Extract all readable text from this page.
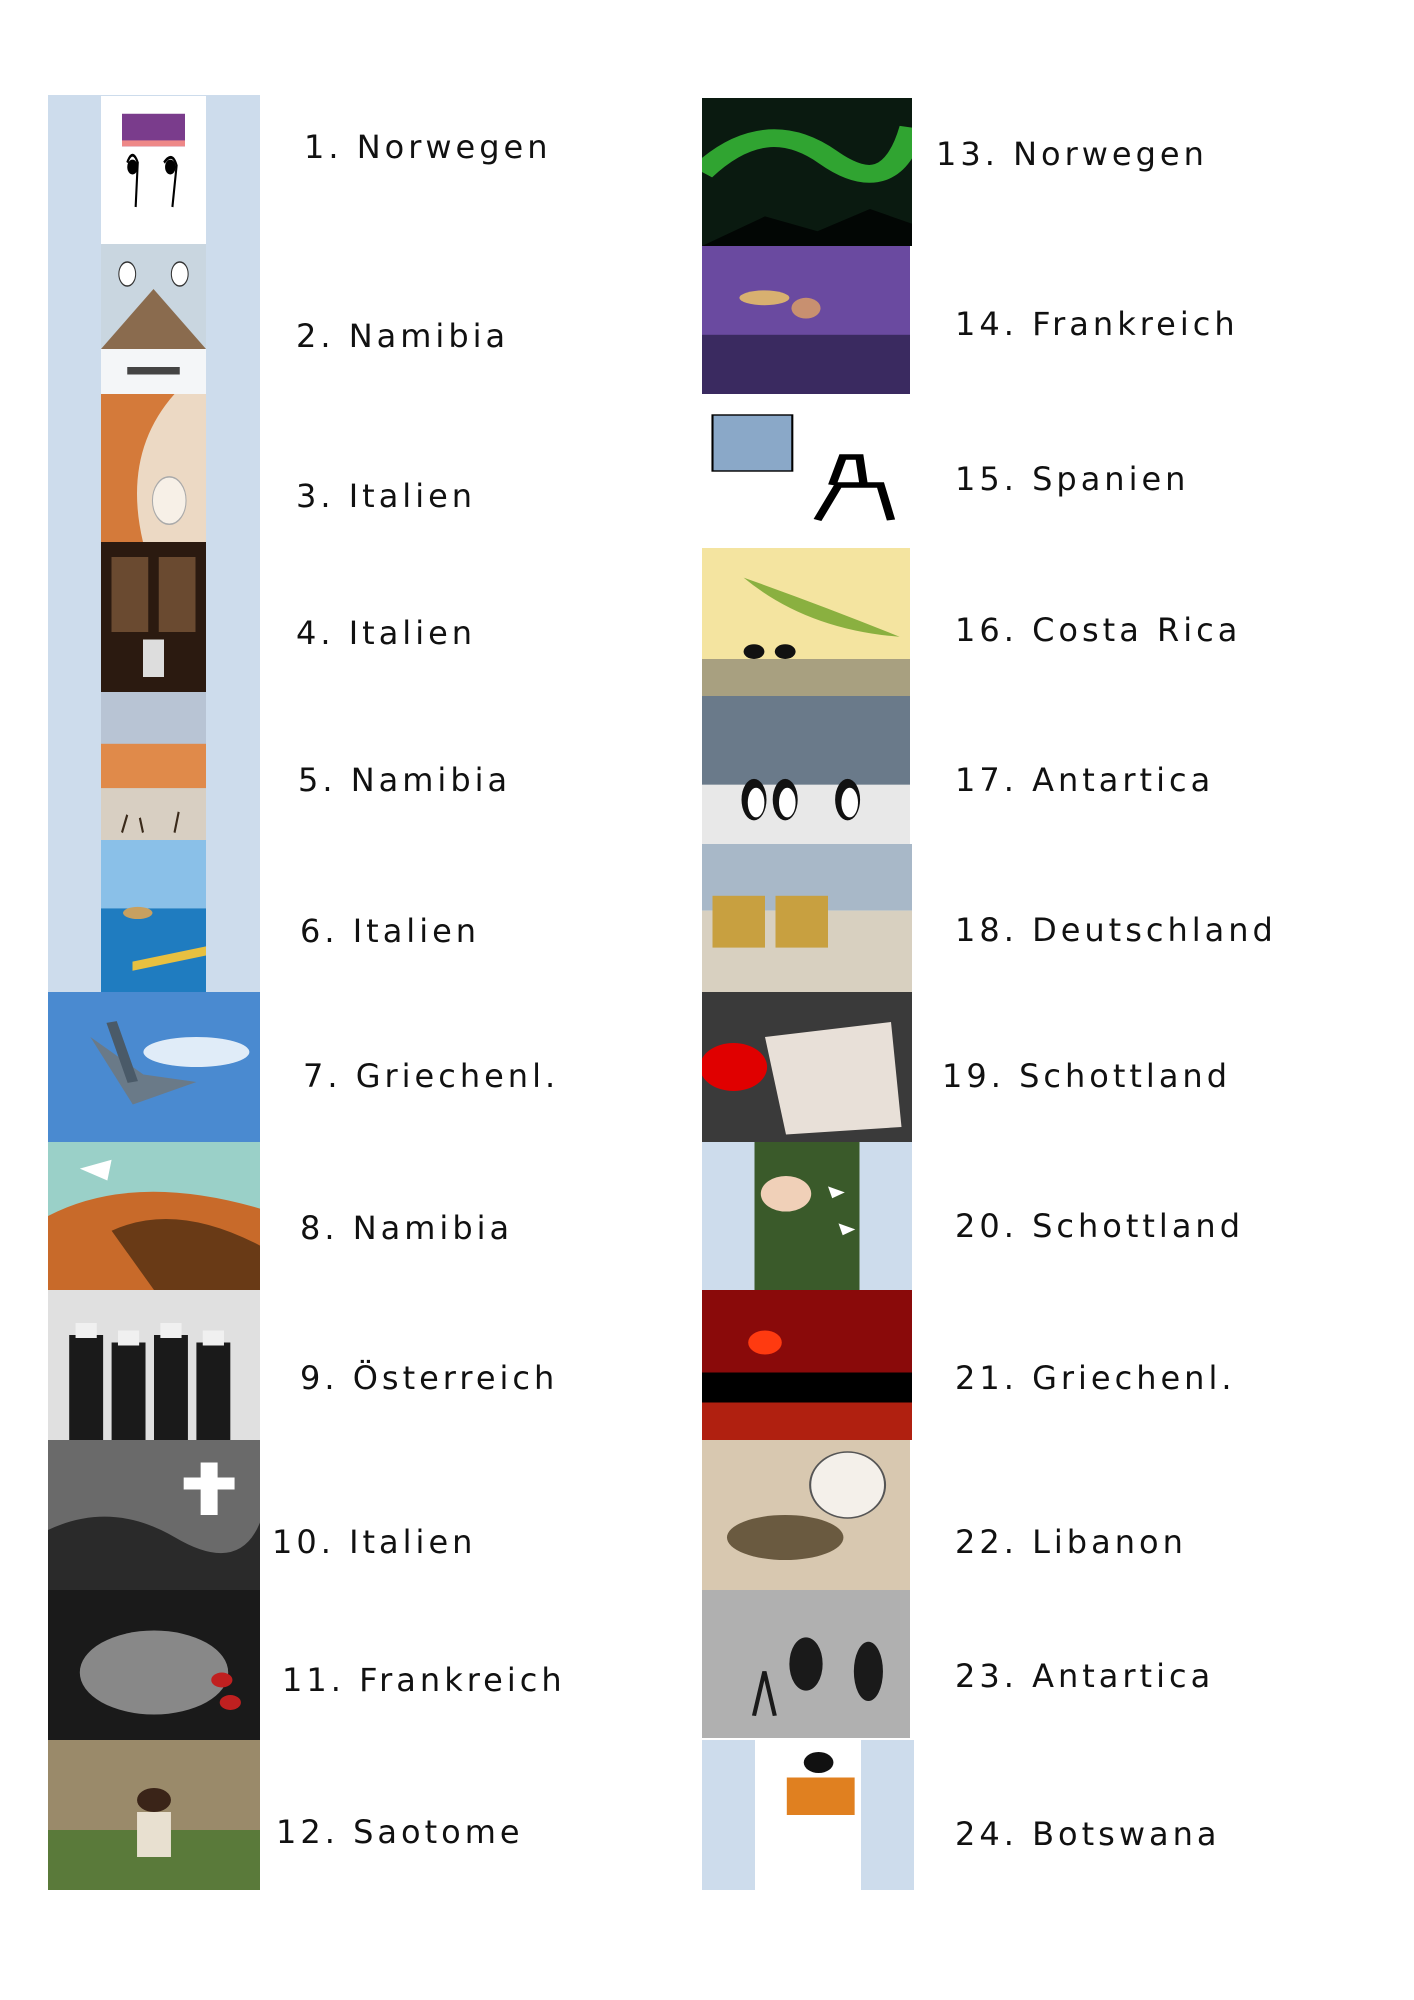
1. Norwegen
2. Namibia
3. Italien
4. Italien
5. Namibia
6. Italien
7. Griechenl.
8. Namibia
9. Österreich
10. Italien
11. Frankreich
12. Saotome
13. Norwegen
14. Frankreich
15. Spanien
16. Costa Rica
17. Antartica
18. Deutschland
19. Schottland
20. Schottland
21. Griechenl.
22. Libanon
23. Antartica
24. Botswana
